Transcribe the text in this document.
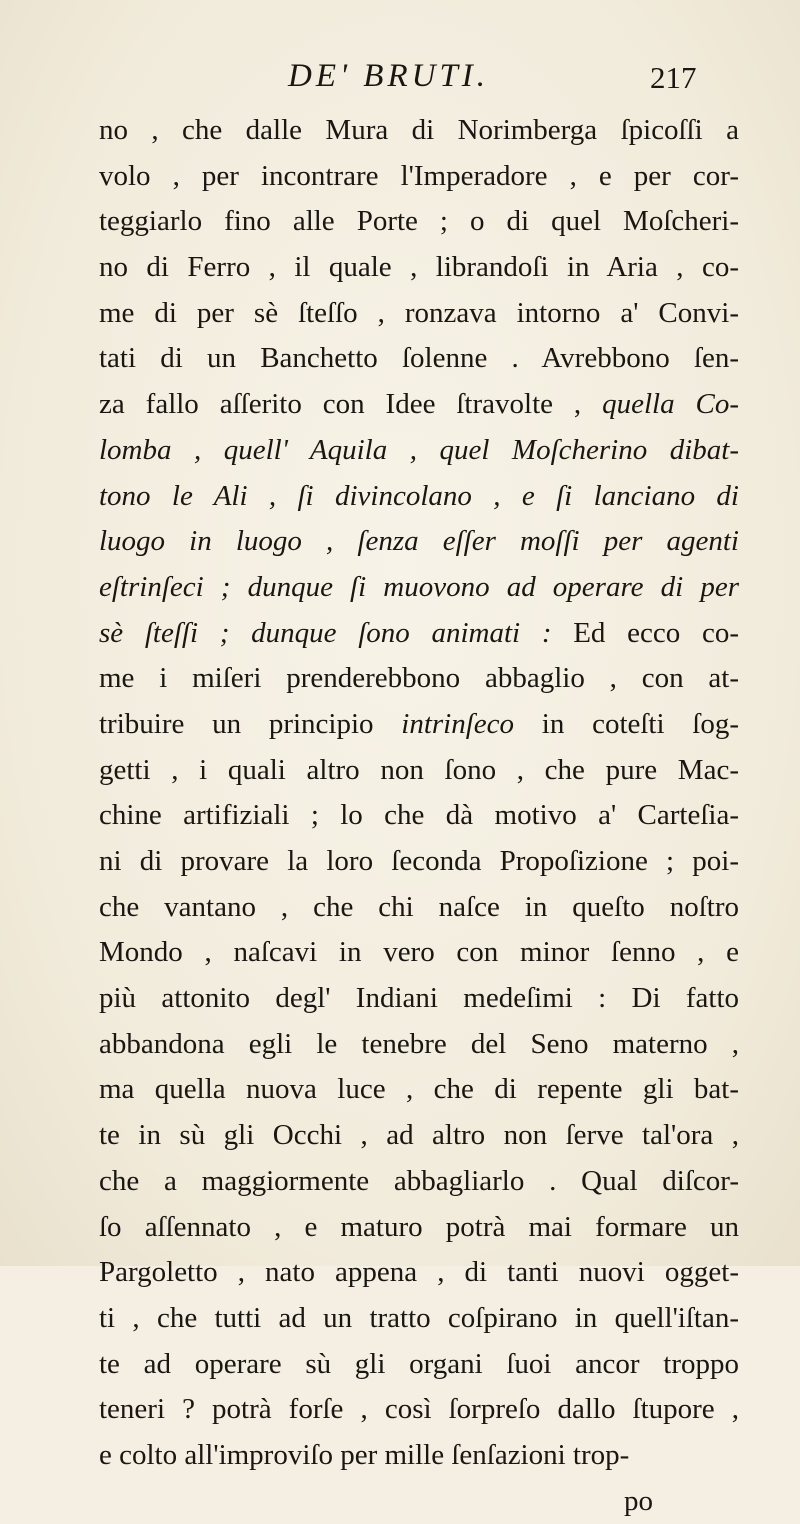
DE' BRUTI.	217
no , che dalle Mura di Norimberga ſpicoſſi a
volo , per incontrare l'Imperadore , e per cor-
teggiarlo fino alle Porte ; o di quel Moſcheri-
no di Ferro , il quale , librandoſi in Aria , co-
me di per sè ſteſſo , ronzava intorno a' Convi-
tati di un Banchetto ſolenne . Avrebbono ſen-
za fallo aſſerito con Idee ſtravolte , quella Co-
lomba , quell' Aquila , quel Moſcherino dibat-
tono le Ali , ſi divincolano , e ſi lanciano di
luogo in luogo , ſenza eſſer moſſi per agenti
eſtrinſeci ; dunque ſi muovono ad operare di per
sè ſteſſi ; dunque ſono animati : Ed ecco co-
me i miſeri prenderebbono abbaglio , con at-
tribuire un principio intrinſeco in coteſti ſog-
getti , i quali altro non ſono , che pure Mac-
chine artifiziali ; lo che dà motivo a' Carteſia-
ni di provare la loro ſeconda Propoſizione ; poi-
che vantano , che chi naſce in queſto noſtro
Mondo , naſcavi in vero con minor ſenno , e
più attonito degl' Indiani medeſimi : Di fatto
abbandona egli le tenebre del Seno materno ,
ma quella nuova luce , che di repente gli bat-
te in sù gli Occhi , ad altro non ſerve tal'ora ,
che a maggiormente abbagliarlo . Qual diſcor-
ſo aſſennato , e maturo potrà mai formare un
Pargoletto , nato appena , di tanti nuovi ogget-
ti , che tutti ad un tratto coſpirano in quell'iſtan-
te ad operare sù gli organi ſuoi ancor troppo
teneri ? potrà forſe , così ſorpreſo dallo ſtupore ,
e colto all'improviſo per mille ſenſazioni trop-
po
